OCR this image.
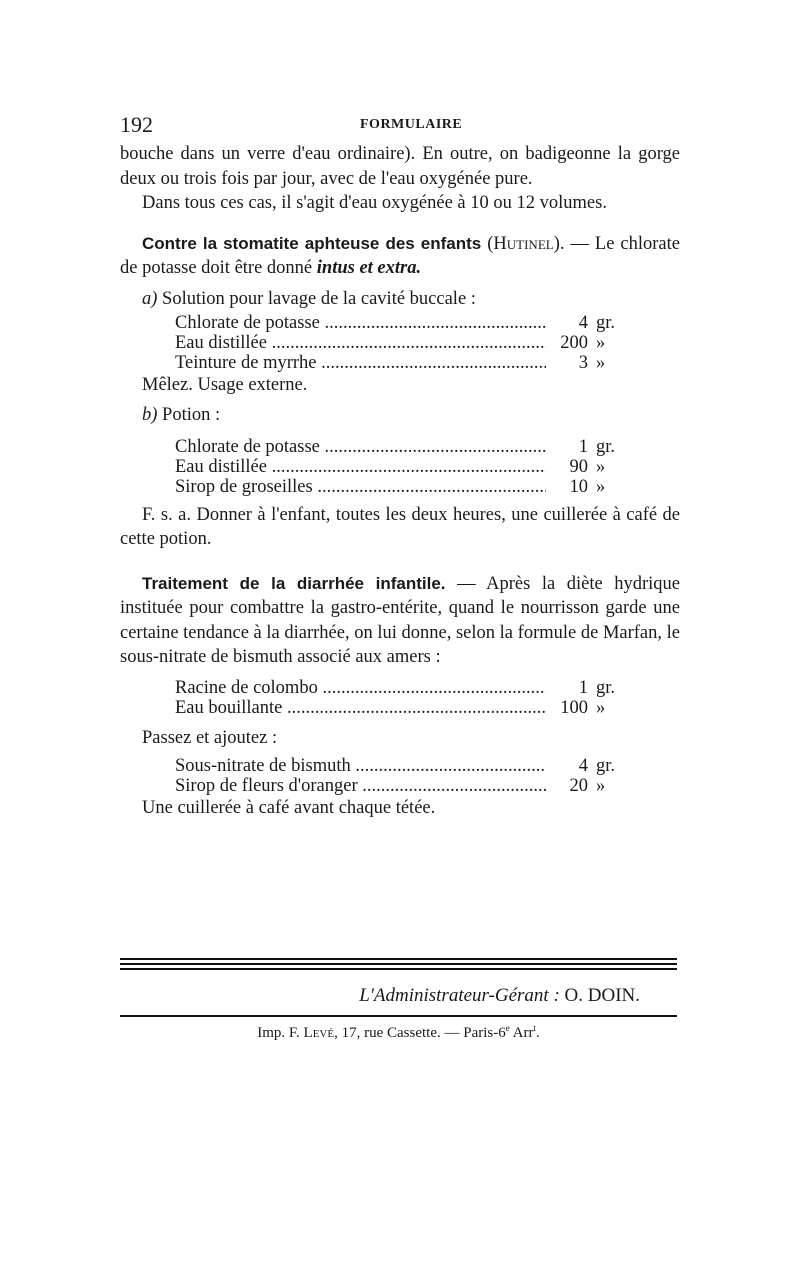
192	FORMULAIRE

bouche dans un verre d'eau ordinaire). En outre, on badigeonne la gorge deux ou trois fois par jour, avec de l'eau oxygénée pure.

Dans tous ces cas, il s'agit d'eau oxygénée à 10 ou 12 volumes.

Contre la stomatite aphteuse des enfants (Hutinel). — Le chlorate de potasse doit être donné intus et extra.

a) Solution pour lavage de la cavité buccale :
Chlorate de potasse .....	4 gr.
Eau distillée .....	200 »
Teinture de myrrhe .....	3 »
Mêlez. Usage externe.
b) Potion :
Chlorate de potasse .....	1 gr.
Eau distillée .....	90 »
Sirop de groseilles .....	10 »

F. s. a. Donner à l'enfant, toutes les deux heures, une cuillerée à café de cette potion.

Traitement de la diarrhée infantile. — Après la diète hydrique instituée pour combattre la gastro-entérite, quand le nourrisson garde une certaine tendance à la diarrhée, on lui donne, selon la formule de Marfan, le sous-nitrate de bismuth associé aux amers :

Racine de colombo .....	1 gr.
Eau bouillante .....	100 »
Passez et ajoutez :
Sous-nitrate de bismuth .....	4 gr.
Sirop de fleurs d'oranger .....	20 »
Une cuillerée à café avant chaque tétée.
L'Administrateur-Gérant : O. DOIN.
Imp. F. Levé, 17, rue Cassette. — Paris-6e Arr$^t$.
